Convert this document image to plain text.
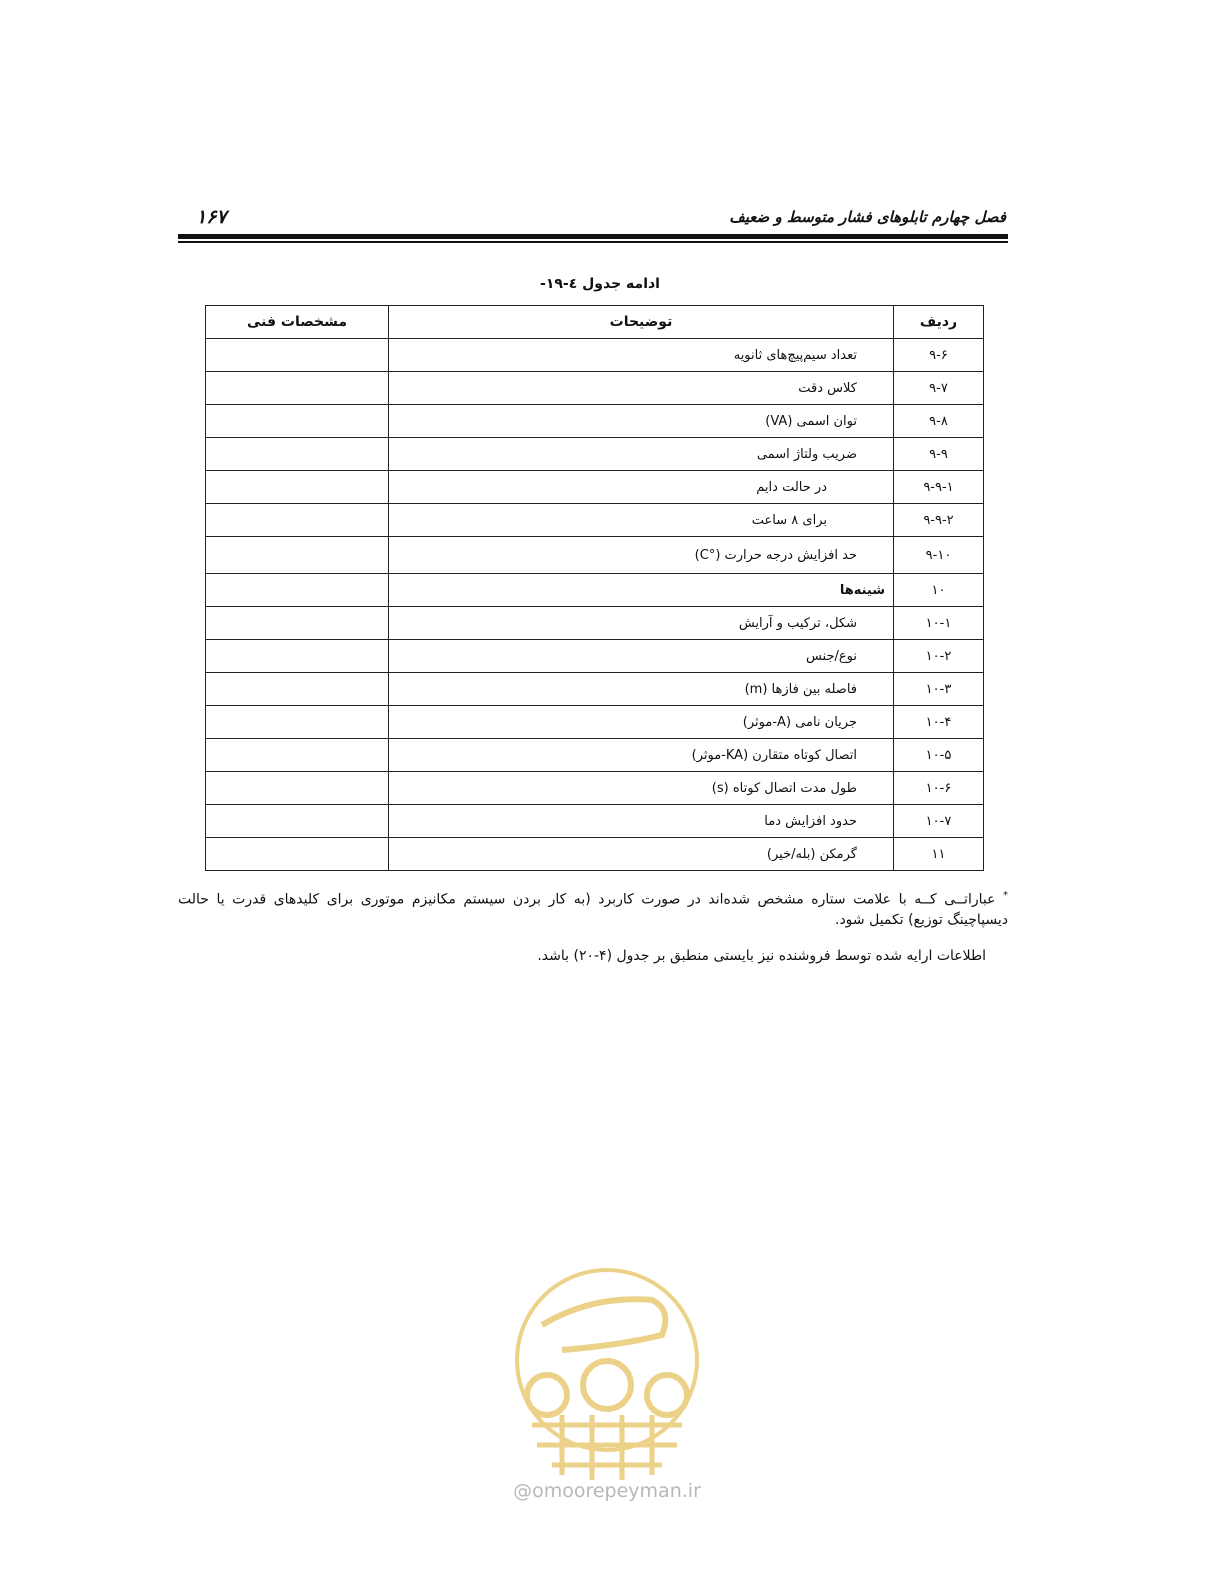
۱۶۷	فصل چهارم تابلوهای فشار متوسط و ضعیف
ادامه جدول ٤-۱۹-
ردیف	توضیحات	مشخصات فنی
۹-۶	تعداد سیم‌پیچ‌های ثانویه	
۹-۷	کلاس دقت	
۹-۸	توان اسمی (VA)	
۹-۹	ضریب ولتاژ اسمی	
۹-۹-۱	در حالت دایم	
۹-۹-۲	برای ۸ ساعت	
۹-۱۰	حد افزایش درجه حرارت (°C)	
۱۰	شینه‌ها	
۱۰-۱	شکل، ترکیب و آرایش	
۱۰-۲	نوع/جنس	
۱۰-۳	فاصله بین فازها (m)	
۱۰-۴	جریان نامی (A-موثر)	
۱۰-۵	اتصال کوتاه متقارن (KA-موثر)	
۱۰-۶	طول مدت اتصال کوتاه (s)	
۱۰-۷	حدود افزایش دما	
۱۱	گرمکن (بله/خیر)	
* عباراتــی کــه با علامت ستاره مشخص شده‌اند در صورت کاربرد (به کار بردن سیستم مکانیزم موتوری برای کلیدهای قدرت یا حالت دیسپاچینگ توزیع) تکمیل شود.
اطلاعات ارایه شده توسط فروشنده نیز بایستی منطبق بر جدول (۴-۲۰) باشد.
@omoorepeyman.ir
